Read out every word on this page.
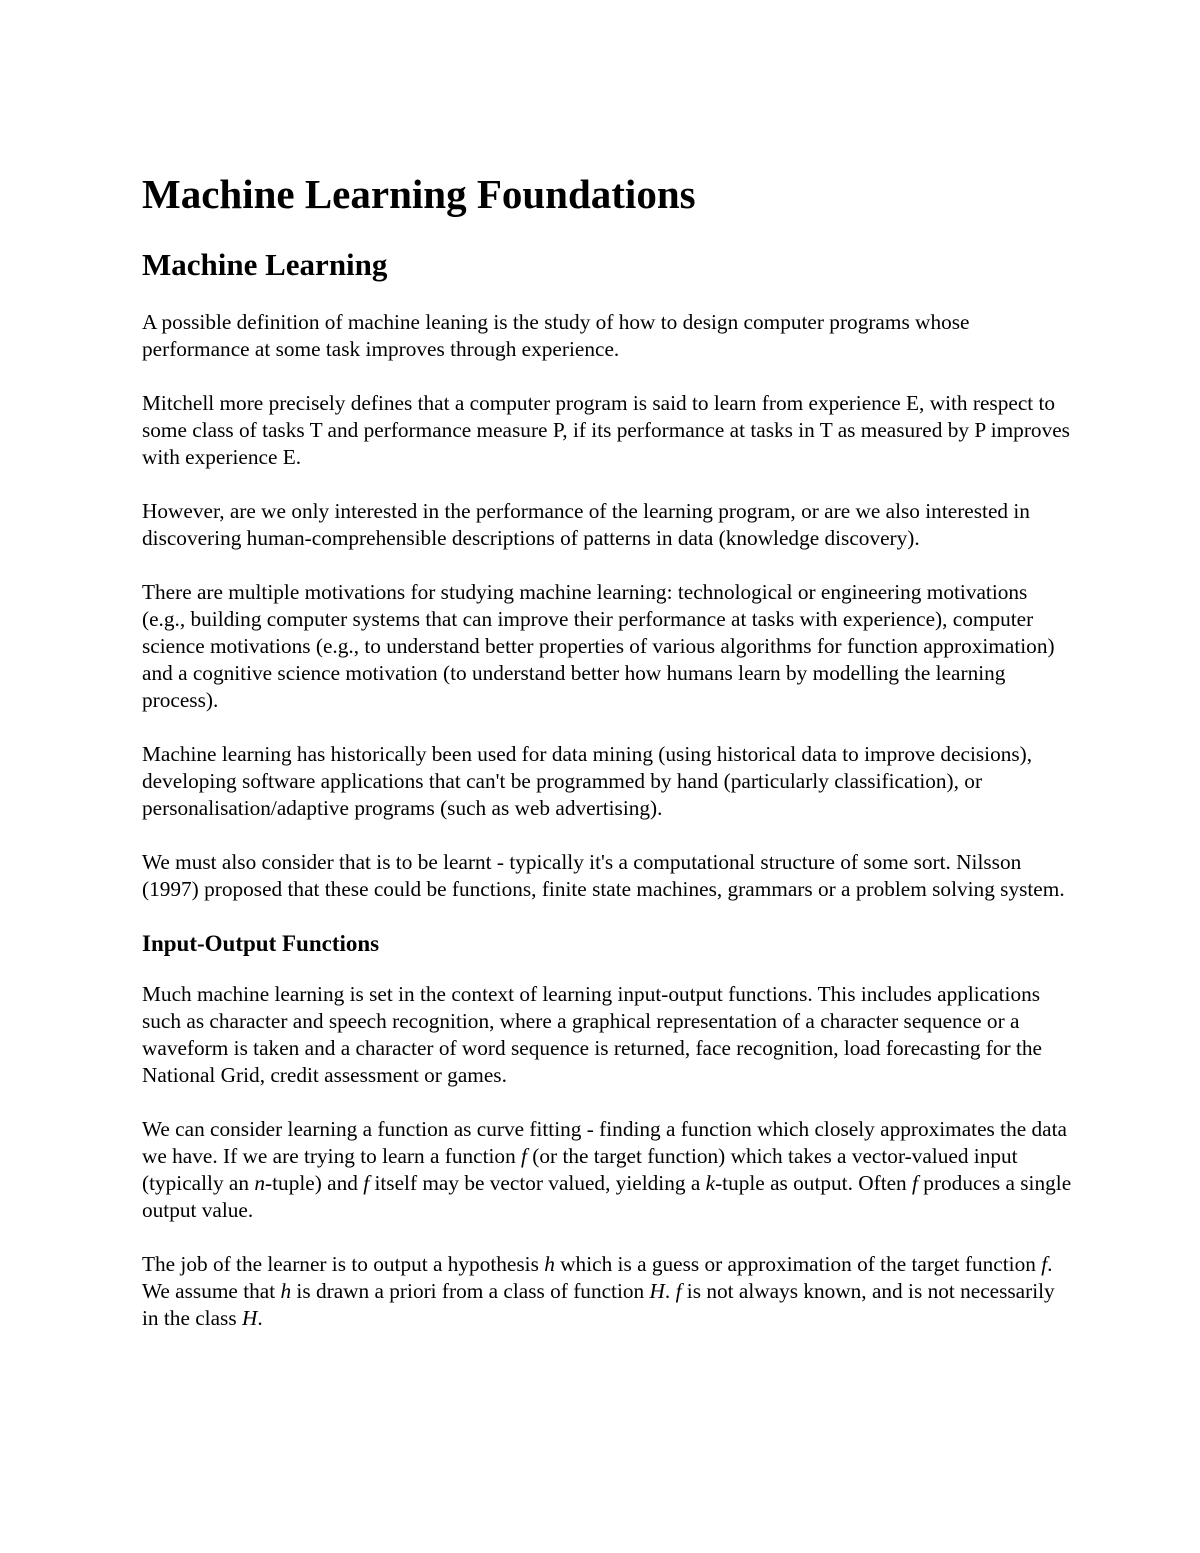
Machine Learning Foundations
Machine Learning

A possible definition of machine leaning is the study of how to design computer programs whose performance at some task improves through experience.

Mitchell more precisely defines that a computer program is said to learn from experience E, with respect to some class of tasks T and performance measure P, if its performance at tasks in T as measured by P improves with experience E.

However, are we only interested in the performance of the learning program, or are we also interested in discovering human-comprehensible descriptions of patterns in data (knowledge discovery).

There are multiple motivations for studying machine learning: technological or engineering motivations (e.g., building computer systems that can improve their performance at tasks with experience), computer science motivations (e.g., to understand better properties of various algorithms for function approximation) and a cognitive science motivation (to understand better how humans learn by modelling the learning process).

Machine learning has historically been used for data mining (using historical data to improve decisions), developing software applications that can't be programmed by hand (particularly classification), or personalisation/adaptive programs (such as web advertising).

We must also consider that is to be learnt - typically it's a computational structure of some sort. Nilsson (1997) proposed that these could be functions, finite state machines, grammars or a problem solving system.

Input-Output Functions

Much machine learning is set in the context of learning input-output functions. This includes applications such as character and speech recognition, where a graphical representation of a character sequence or a waveform is taken and a character of word sequence is returned, face recognition, load forecasting for the National Grid, credit assessment or games.

We can consider learning a function as curve fitting - finding a function which closely approximates the data we have. If we are trying to learn a function f (or the target function) which takes a vector-valued input (typically an n-tuple) and f itself may be vector valued, yielding a k-tuple as output. Often f produces a single output value.

The job of the learner is to output a hypothesis h which is a guess or approximation of the target function f. We assume that h is drawn a priori from a class of function H. f is not always known, and is not necessarily in the class H.
